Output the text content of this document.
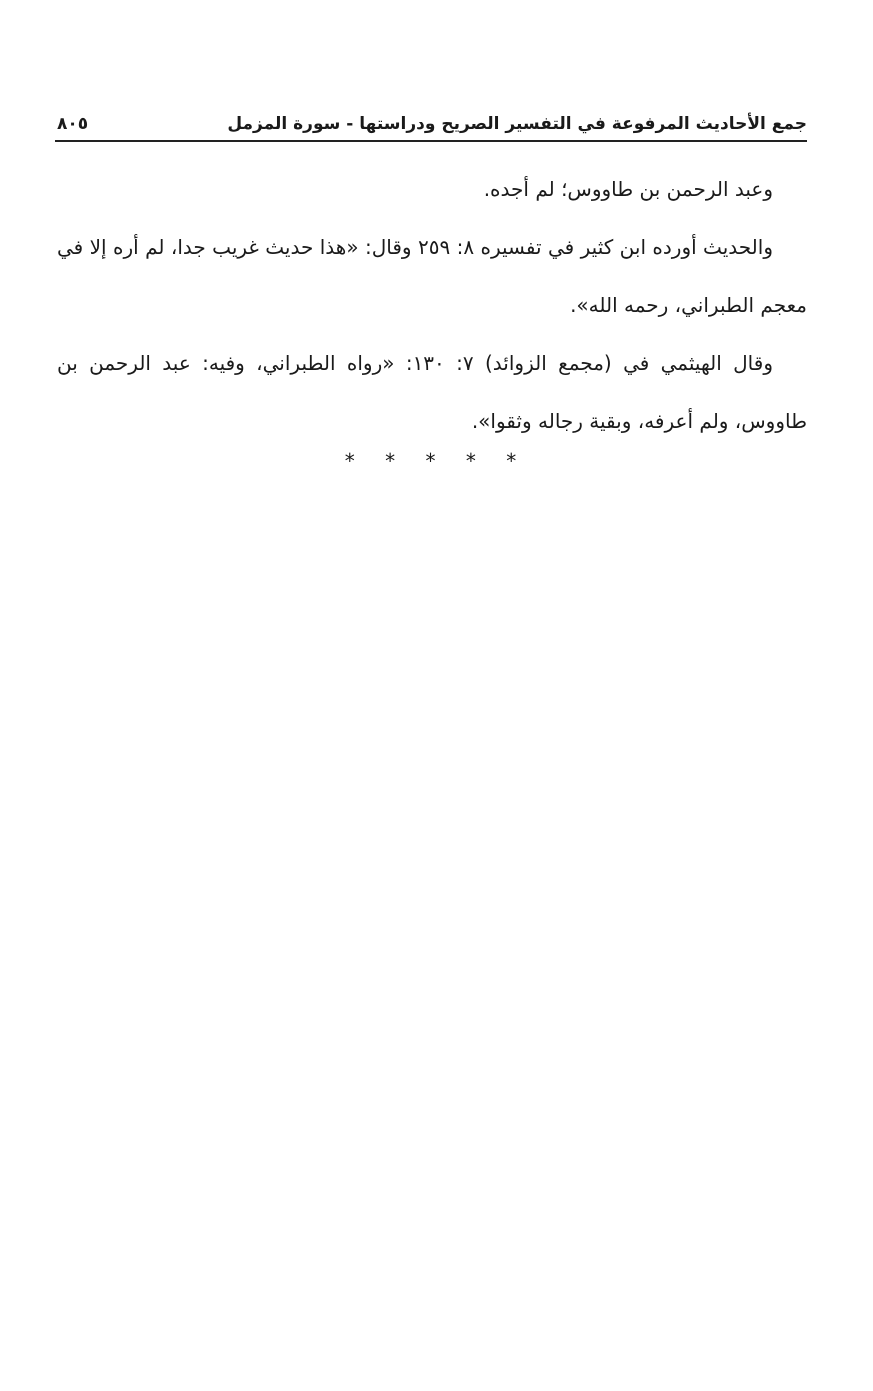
جمع الأحاديث المرفوعة في التفسير الصريح ودراستها - سورة المزمل
٨٠٥

وعبد الرحمن بن طاووس؛ لم أجده.

والحديث أورده ابن كثير في تفسيره ٨: ٢٥٩ وقال: «هذا حديث غريب جدا، لم أره إلا في معجم الطبراني، رحمه الله».

وقال الهيثمي في (مجمع الزوائد) ٧: ١٣٠: «رواه الطبراني، وفيه: عبد الرحمن بن طاووس، ولم أعرفه، وبقية رجاله وثقوا».

* * * * *
